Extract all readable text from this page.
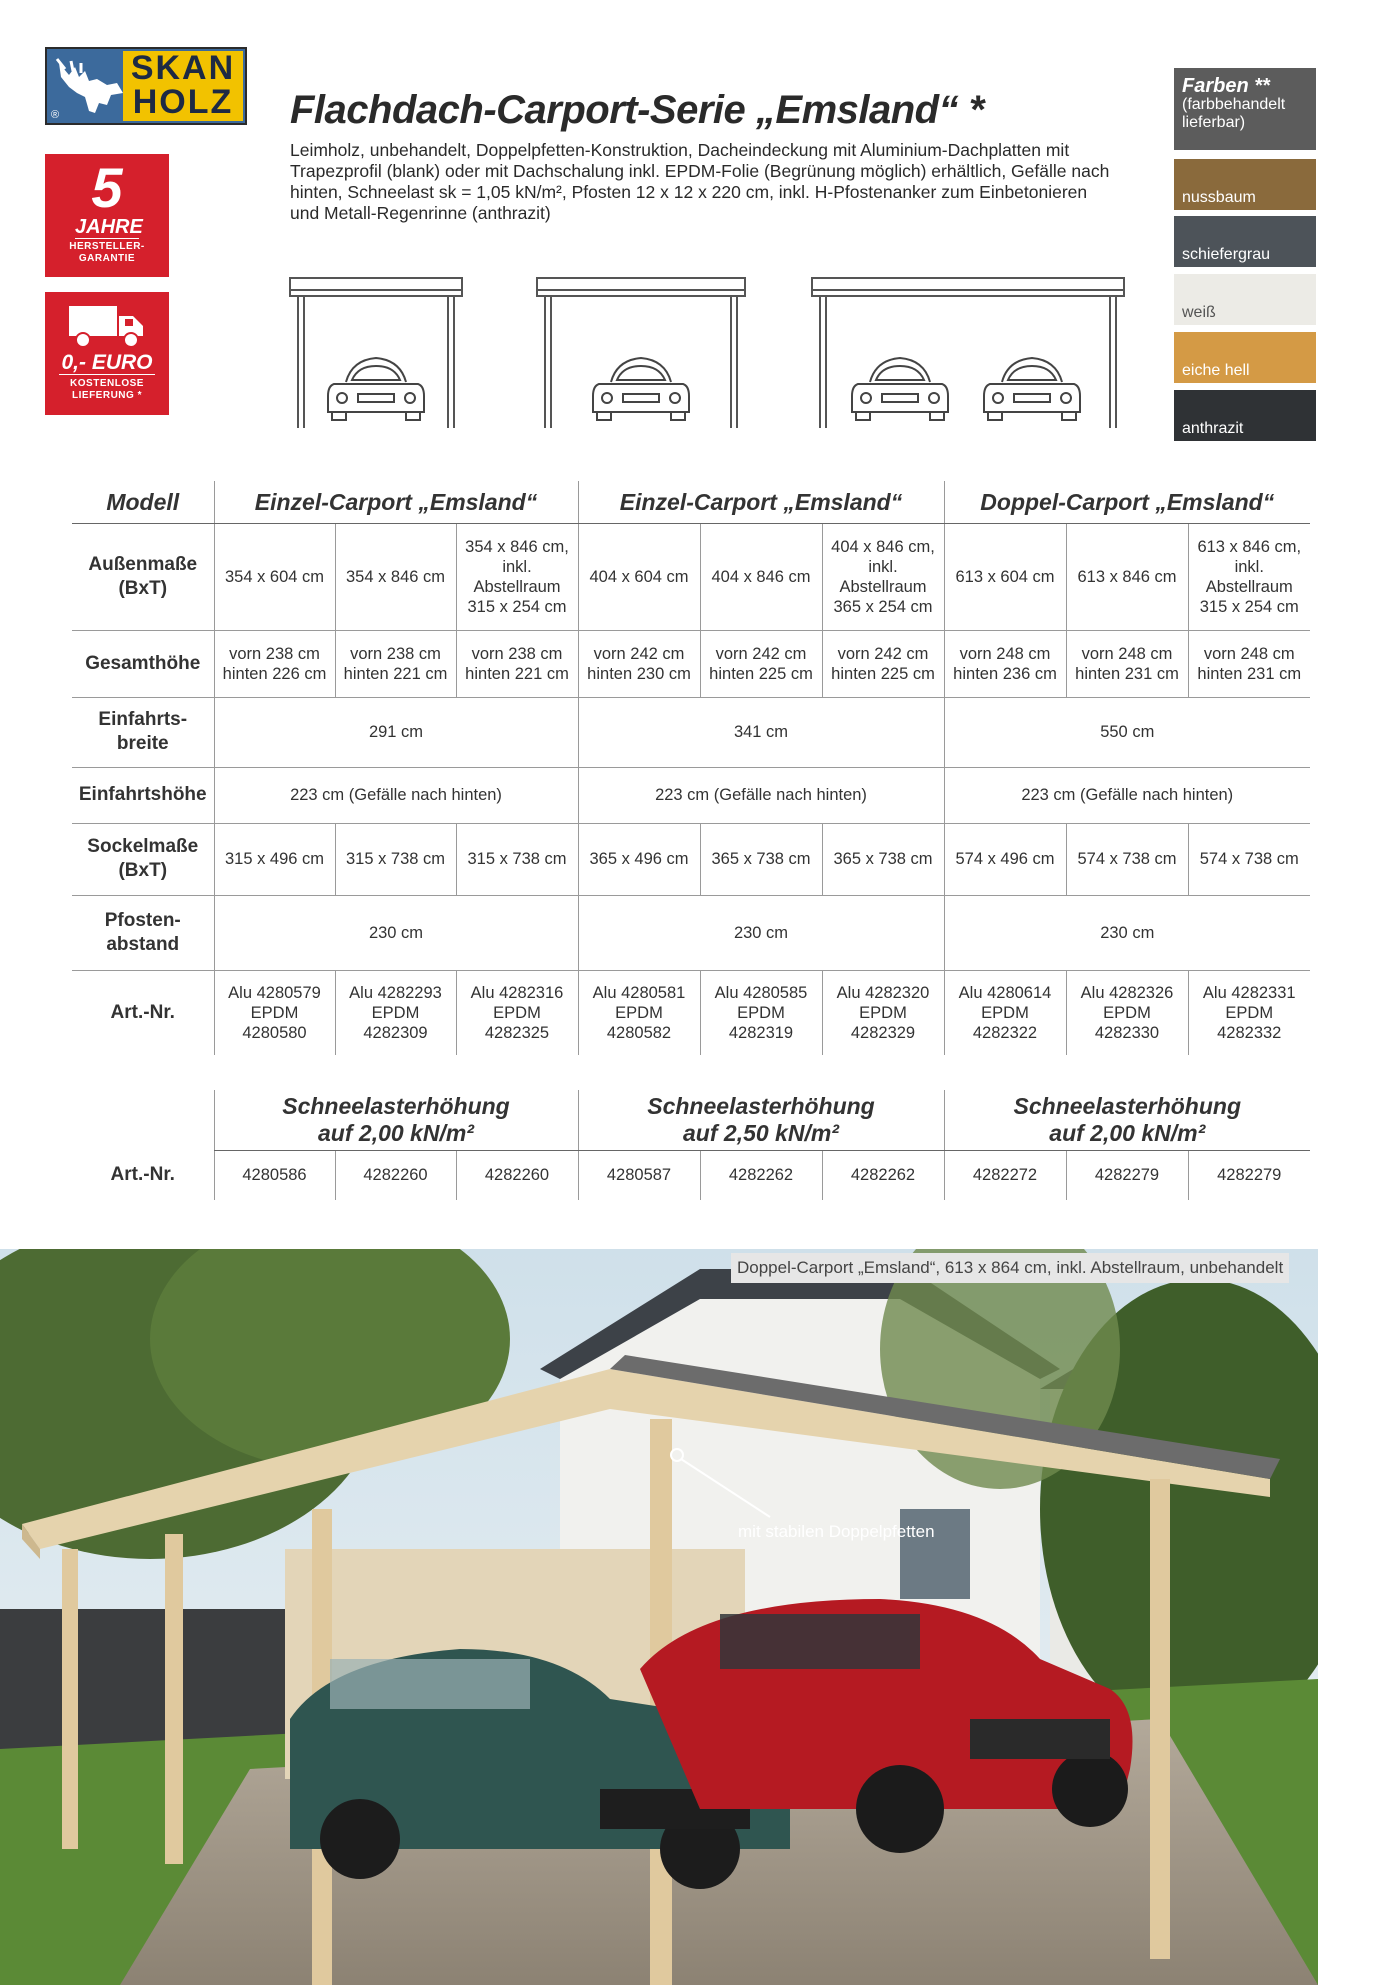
SKAN
HOLZ
®
5
JAHRE
HERSTELLER-
GARANTIE
0,- EURO
KOSTENLOSE
LIEFERUNG *
Flachdach-Carport-Serie „Emsland“ *
Leimholz, unbehandelt, Doppelpfetten-Konstruktion, Dacheindeckung mit Aluminium-Dachplatten mit Trapezprofil (blank) oder mit Dachschalung inkl. EPDM-Folie (Begrünung möglich) erhältlich, Gefälle nach hinten, Schneelast sk = 1,05 kN/m², Pfosten 12 x 12 x 220 cm, inkl. H-Pfostenanker zum Einbetonieren und Metall-Regenrinne (anthrazit)
Farben **
(farbbehandelt
lieferbar)
nussbaum
schiefergrau
weiß
eiche hell
anthrazit
Modell	Einzel-Carport „Emsland“			Einzel-Carport „Emsland“			Doppel-Carport „Emsland“		
Außenmaße
(BxT)	354 x 604 cm	354 x 846 cm	354 x 846 cm, inkl. Abstellraum 315 x 254 cm	404 x 604 cm	404 x 846 cm	404 x 846 cm, inkl. Abstellraum 365 x 254 cm	613 x 604 cm	613 x 846 cm	613 x 846 cm, inkl. Abstellraum 315 x 254 cm
Gesamthöhe	vorn 238 cm
hinten 226 cm	vorn 238 cm
hinten 221 cm	vorn 238 cm
hinten 221 cm	vorn 242 cm
hinten 230 cm	vorn 242 cm
hinten 225 cm	vorn 242 cm
hinten 225 cm	vorn 248 cm
hinten 236 cm	vorn 248 cm
hinten 231 cm	vorn 248 cm
hinten 231 cm
Einfahrts-
breite	291 cm			341 cm			550 cm		
Einfahrtshöhe	223 cm (Gefälle nach hinten)			223 cm (Gefälle nach hinten)			223 cm (Gefälle nach hinten)		
Sockelmaße
(BxT)	315 x 496 cm	315 x 738 cm	315 x 738 cm	365 x 496 cm	365 x 738 cm	365 x 738 cm	574 x 496 cm	574 x 738 cm	574 x 738 cm
Pfosten-
abstand	230 cm			230 cm			230 cm		
Art.-Nr.	Alu 4280579
EPDM
4280580	Alu 4282293
EPDM
4282309	Alu 4282316
EPDM
4282325	Alu 4280581
EPDM
4280582	Alu 4280585
EPDM
4282319	Alu 4282320
EPDM
4282329	Alu 4280614
EPDM
4282322	Alu 4282326
EPDM
4282330	Alu 4282331
EPDM
4282332
	Schneelasterhöhung
auf 2,00 kN/m²			Schneelasterhöhung
auf 2,50 kN/m²			Schneelasterhöhung
auf 2,00 kN/m²		
Art.-Nr.	4280586	4282260	4282260	4280587	4282262	4282262	4282272	4282279	4282279
Doppel-Carport „Emsland“, 613 x 864 cm, inkl. Abstellraum, unbehandelt
mit stabilen Doppelpfetten
